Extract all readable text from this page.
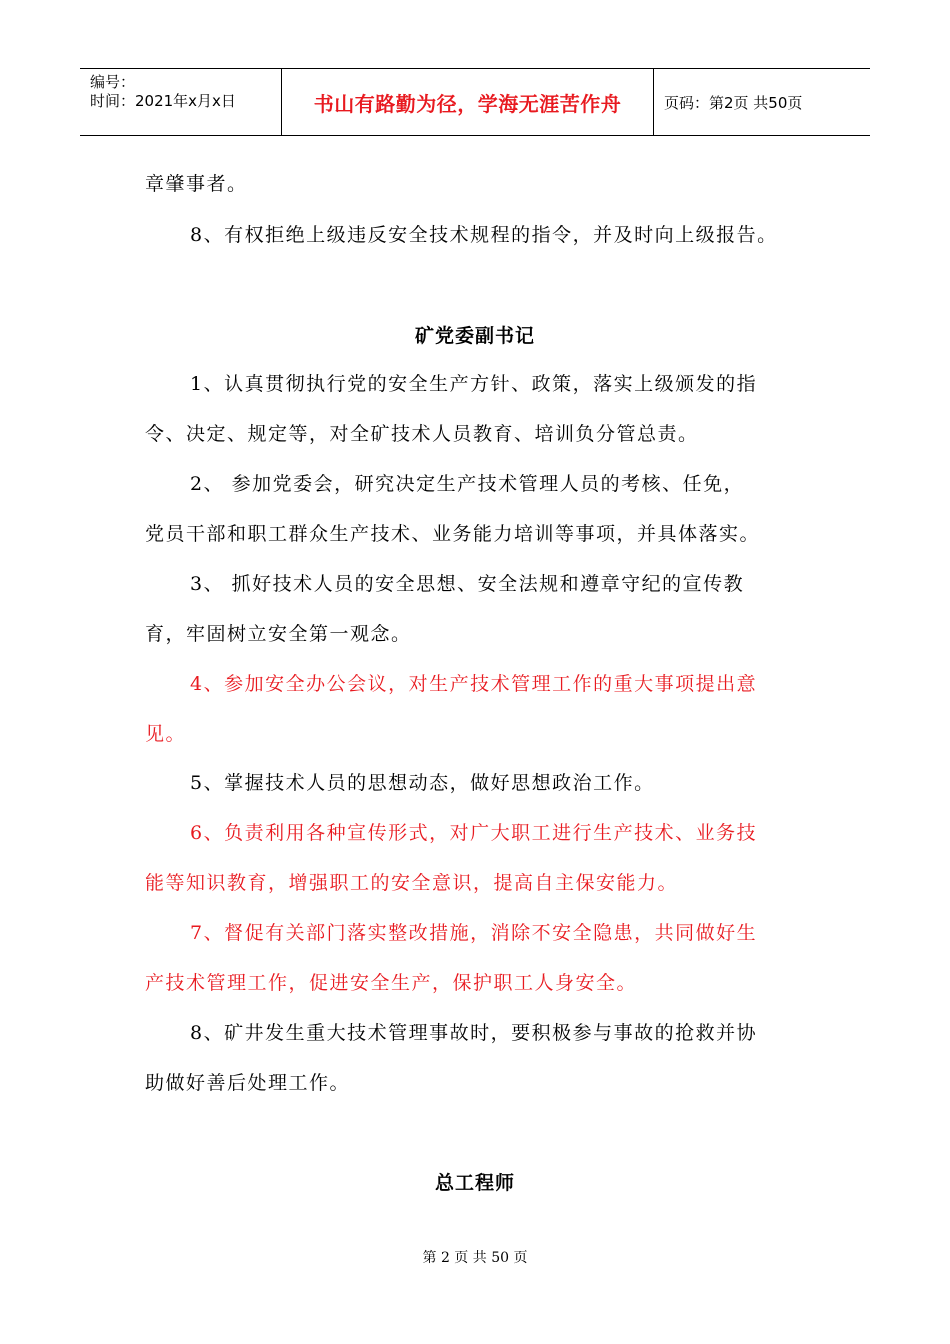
编号：
时间：2021年x月x日	书山有路勤为径，学海无涯苦作舟	页码：第2页 共50页
章肇事者。
8、有权拒绝上级违反安全技术规程的指令，并及时向上级报告。
矿党委副书记
1、认真贯彻执行党的安全生产方针、政策，落实上级颁发的指
令、决定、规定等，对全矿技术人员教育、培训负分管总责。
2、 参加党委会，研究决定生产技术管理人员的考核、任免，
党员干部和职工群众生产技术、业务能力培训等事项，并具体落实。
3、 抓好技术人员的安全思想、安全法规和遵章守纪的宣传教
育，牢固树立安全第一观念。
4、参加安全办公会议，对生产技术管理工作的重大事项提出意
见。
5、掌握技术人员的思想动态，做好思想政治工作。
6、负责利用各种宣传形式，对广大职工进行生产技术、业务技
能等知识教育，增强职工的安全意识，提高自主保安能力。
7、督促有关部门落实整改措施，消除不安全隐患，共同做好生
产技术管理工作，促进安全生产，保护职工人身安全。
8、矿井发生重大技术管理事故时，要积极参与事故的抢救并协
助做好善后处理工作。
总工程师
第 2 页 共 50 页
